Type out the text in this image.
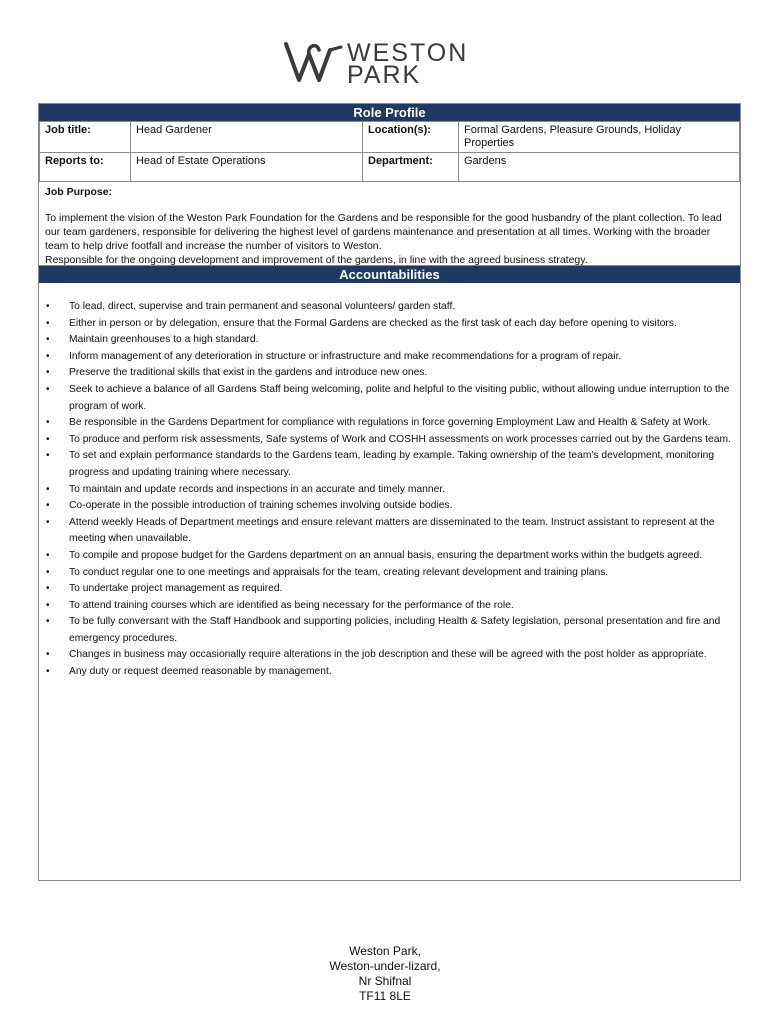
WESTON
PARK
Role Profile
Job title:	Head Gardener	Location(s):	Formal Gardens, Pleasure Grounds, Holiday Properties
Reports to:	Head of Estate Operations	Department:	Gardens
Job Purpose:

To implement the vision of the Weston Park Foundation for the Gardens and be responsible for the good husbandry of the plant collection. To lead our team gardeners, responsible for delivering the highest level of gardens maintenance and presentation at all times. Working with the broader team to help drive footfall and increase the number of visitors to Weston.

Responsible for the ongoing development and improvement of the gardens, in line with the agreed business strategy.

Accountabilities
• To lead, direct, supervise and train permanent and seasonal volunteers/ garden staff.
• Either in person or by delegation, ensure that the Formal Gardens are checked as the first task of each day before opening to visitors.
• Maintain greenhouses to a high standard.
• Inform management of any deterioration in structure or infrastructure and make recommendations for a program of repair.
• Preserve the traditional skills that exist in the gardens and introduce new ones.
• Seek to achieve a balance of all Gardens Staff being welcoming, polite and helpful to the visiting public, without allowing undue interruption to the program of work.
• Be responsible in the Gardens Department for compliance with regulations in force governing Employment Law and Health & Safety at Work.
• To produce and perform risk assessments, Safe systems of Work and COSHH assessments on work processes carried out by the Gardens team.
• To set and explain performance standards to the Gardens team, leading by example. Taking ownership of the team's development, monitoring progress and updating training where necessary.
• To maintain and update records and inspections in an accurate and timely manner.
• Co-operate in the possible introduction of training schemes involving outside bodies.
• Attend weekly Heads of Department meetings and ensure relevant matters are disseminated to the team. Instruct assistant to represent at the meeting when unavailable.
• To compile and propose budget for the Gardens department on an annual basis, ensuring the department works within the budgets agreed.
• To conduct regular one to one meetings and appraisals for the team, creating relevant development and training plans.
• To undertake project management as required.
• To attend training courses which are identified as being necessary for the performance of the role.
• To be fully conversant with the Staff Handbook and supporting policies, including Health & Safety legislation, personal presentation and fire and emergency procedures.
• Changes in business may occasionally require alterations in the job description and these will be agreed with the post holder as appropriate.
• Any duty or request deemed reasonable by management.
Weston Park,
Weston-under-lizard,
Nr Shifnal
TF11 8LE
